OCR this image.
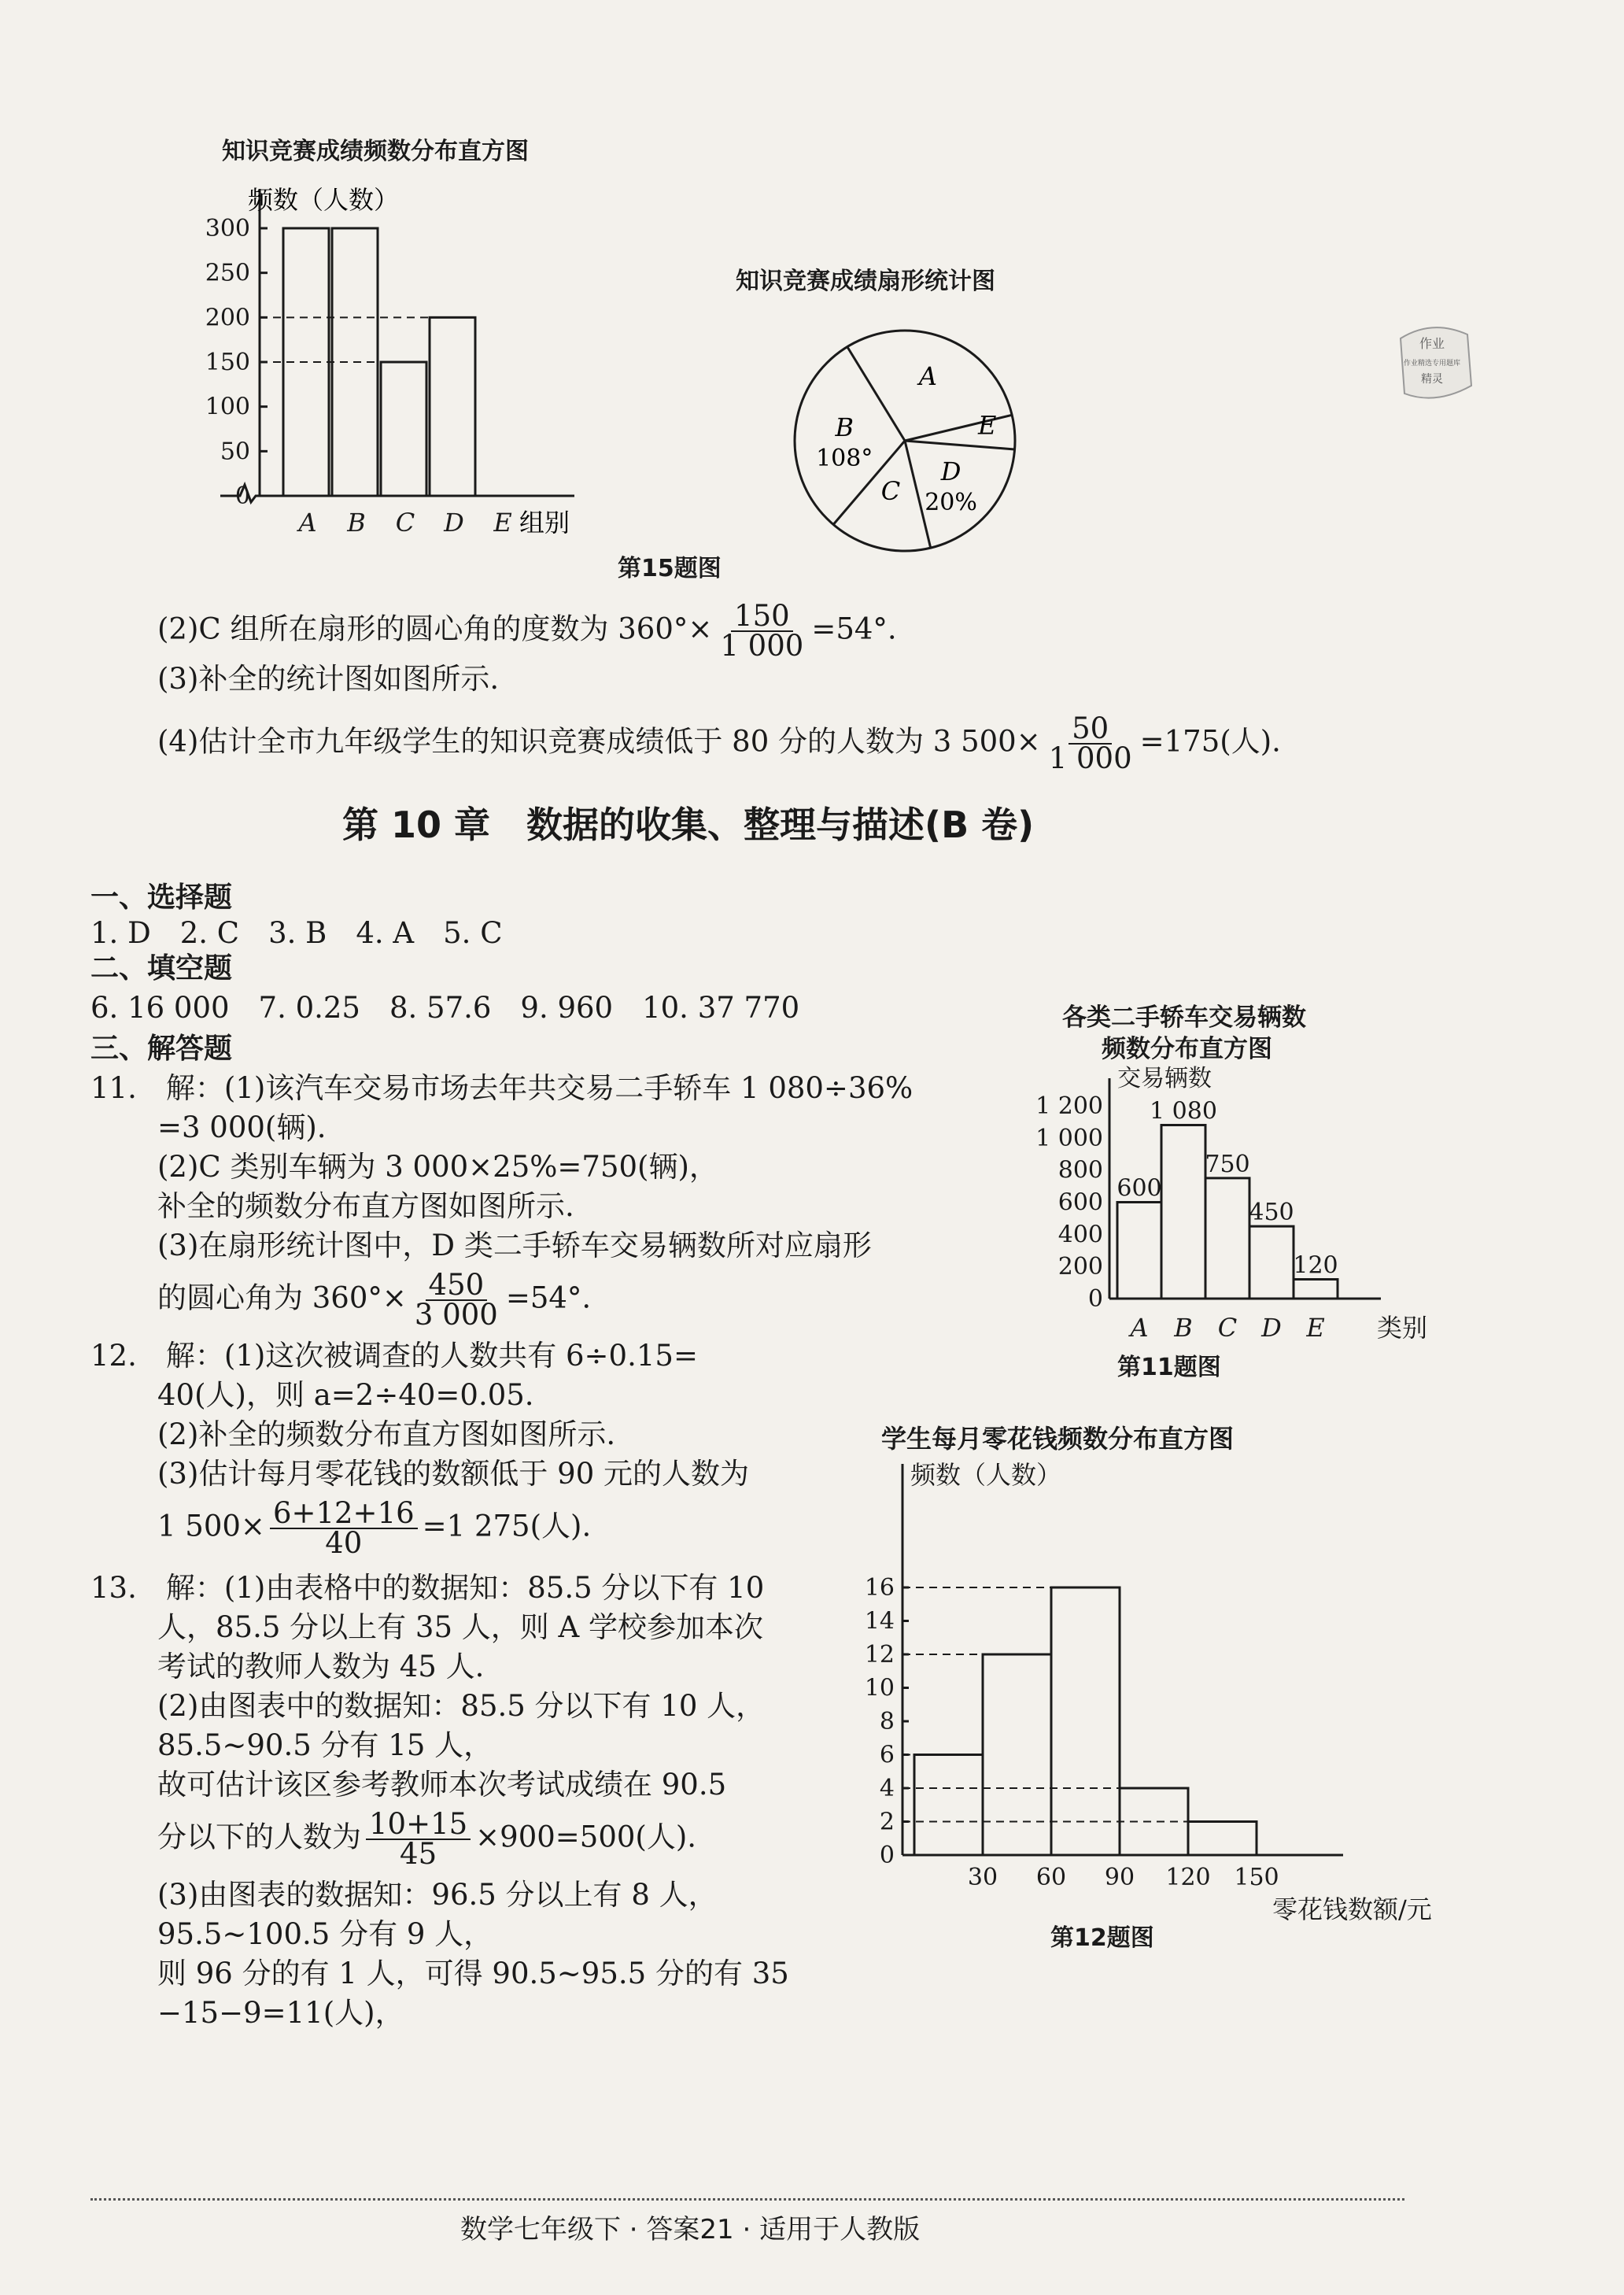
知识竞赛成绩频数分布直方图
0
50
100
150
200
250
300
A B C D E
频数（人数）
组别
知识竞赛成绩扇形统计图
A
E
D
20%
C
B
108°
第15题图
(2)C 组所在扇形的圆心角的度数为 $360^\circ\times \frac{150}{1 000} =54^\circ$.
(3)补全的统计图如图所示.
(4)估计全市九年级学生的知识竞赛成绩低于 80 分的人数为 3 $500\times \frac{50}{1 000} =175$(人).
第 10 章　数据的收集、整理与描述(B 卷)
一、选择题
1. D　2. C　3. B　4. A　5. C
二、填空题
6. 16 000　7. 0.25　8. 57.6　9. 960　10. 37 770
三、解答题
11.　解：(1)该汽车交易市场去年共交易二手轿车 1 080÷36%
=3 000(辆).
(2)C 类别车辆为 3 000×25%=750(辆)，
补全的频数分布直方图如图所示.
(3)在扇形统计图中，D 类二手轿车交易辆数所对应扇形
的圆心角为 $360^\circ\times \frac{450}{3 000} =54^\circ$.
12.　解：(1)这次被调查的人数共有 6÷0.15=
40(人)，则 a=2÷40=0.05.
(2)补全的频数分布直方图如图所示.
(3)估计每月零花钱的数额低于 90 元的人数为
1 $500\times \frac{6+12+16}{40} =1$ 275(人).
13.　解：(1)由表格中的数据知：85.5 分以下有 10
人，85.5 分以上有 35 人，则 A 学校参加本次
考试的教师人数为 45 人.
(2)由图表中的数据知：85.5 分以下有 10 人，
85.5~90.5 分有 15 人，
故可估计该区参考教师本次考试成绩在 90.5
分以下的人数为 $\frac{10+15}{45} \times 900=500$(人).
(3)由图表的数据知：96.5 分以上有 8 人，
95.5~100.5 分有 9 人，
则 96 分的有 1 人，可得 90.5~95.5 分的有 35
−15−9=11(人)，
各类二手轿车交易辆数
频数分布直方图
交易辆数
类别
0
200
400
600
800
1 000
1 200
600
A
1 080
B
750
C
450
D
120
E
第11题图
学生每月零花钱频数分布直方图
频数（人数）
零花钱数额/元
0
2
4
6
8
10
12
14
16
30 60 90 120 150
第12题图
作业
作业精选专用题库
精灵
数学七年级下 · 答案21 · 适用于人教版
